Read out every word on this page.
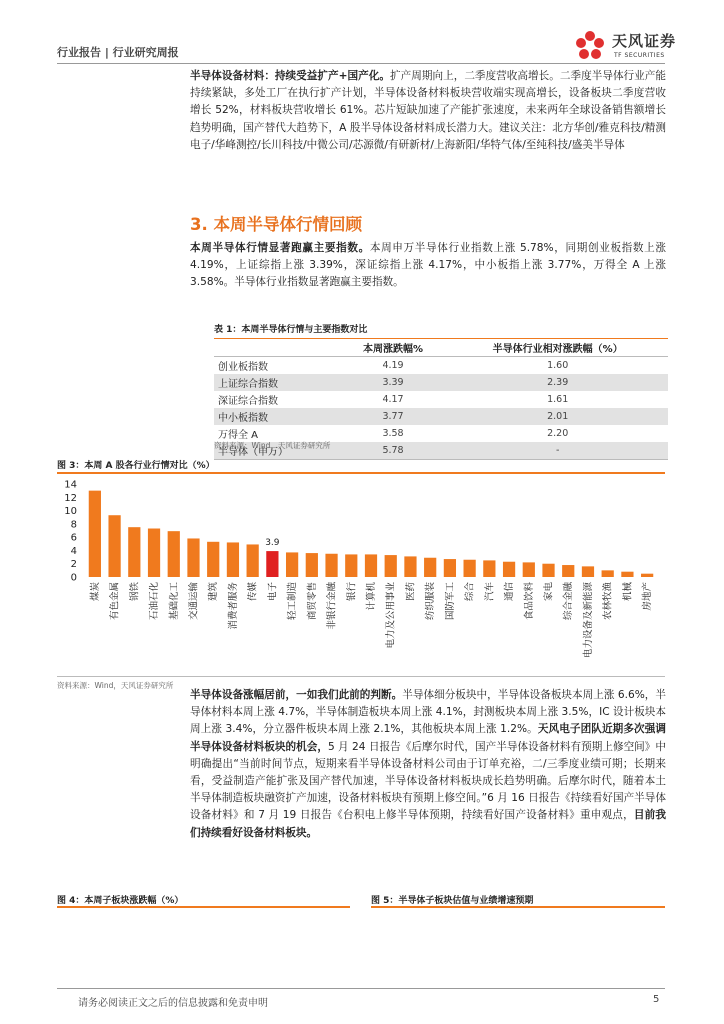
行业报告 | 行业研究周报
天风证券
TF SECURITIES
半导体设备材料：持续受益扩产+国产化。扩产周期向上，二季度营收高增长。二季度半导体行业产能持续紧缺，多处工厂在执行扩产计划，半导体设备材料板块营收端实现高增长，设备板块二季度营收增长 52%，材料板块营收增长 61%。芯片短缺加速了产能扩张速度，未来两年全球设备销售额增长趋势明确，国产替代大趋势下，A 股半导体设备材料成长潜力大。建议关注：北方华创/雅克科技/精测电子/华峰测控/长川科技/中微公司/芯源微/有研新材/上海新阳/华特气体/至纯科技/盛美半导体
3. 本周半导体行情回顾
本周半导体行情显著跑赢主要指数。本周申万半导体行业指数上涨 5.78%，同期创业板指数上涨 4.19%，上证综指上涨 3.39%，深证综指上涨 4.17%，中小板指上涨 3.77%，万得全 A 上涨 3.58%。半导体行业指数显著跑赢主要指数。
表 1：本周半导体行情与主要指数对比		
	本周涨跌幅%	半导体行业相对涨跌幅（%）
创业板指数	4.19	1.60
上证综合指数	3.39	2.39
深证综合指数	4.17	1.61
中小板指数	3.77	2.01
万得全 A	3.58	2.20
半导体（申万）	5.78	-
资料来源：Wind，天风证券研究所
图 3：本周 A 股各行业行情对比（%）
0
2
4
6
8
10
12
14
煤炭 有色金属 钢铁 石油石化 基础化工 交通运输 建筑 消费者服务 传媒
3.9
电子 轻工制造 商贸零售 非银行金融 银行 计算机 电力及公用事业 医药 纺织服装 国防军工 综合 汽车 通信 食品饮料 家电 综合金融 电力设备及新能源 农林牧渔 机械 房地产
资料来源：Wind，天风证券研究所
半导体设备涨幅居前，一如我们此前的判断。半导体细分板块中，半导体设备板块本周上涨 6.6%，半导体材料本周上涨 4.7%，半导体制造板块本周上涨 4.1%，封测板块本周上涨 3.5%，IC 设计板块本周上涨 3.4%，分立器件板块本周上涨 2.1%，其他板块本周上涨 1.2%。天风电子团队近期多次强调半导体设备材料板块的机会，5 月 24 日报告《后摩尔时代，国产半导体设备材料有预期上修空间》中明确提出“当前时间节点，短期来看半导体设备材料公司由于订单充裕，二/三季度业绩可期；长期来看，受益制造产能扩张及国产替代加速，半导体设备材料板块成长趋势明确。后摩尔时代，随着本土半导体制造板块融资扩产加速，设备材料板块有预期上修空间。”6 月 16 日报告《持续看好国产半导体设备材料》和 7 月 19 日报告《台积电上修半导体预期，持续看好国产设备材料》重申观点，目前我们持续看好设备材料板块。
图 4：本周子板块涨跌幅（%）	图 5：半导体子板块估值与业绩增速预期
请务必阅读正文之后的信息披露和免责申明	5
